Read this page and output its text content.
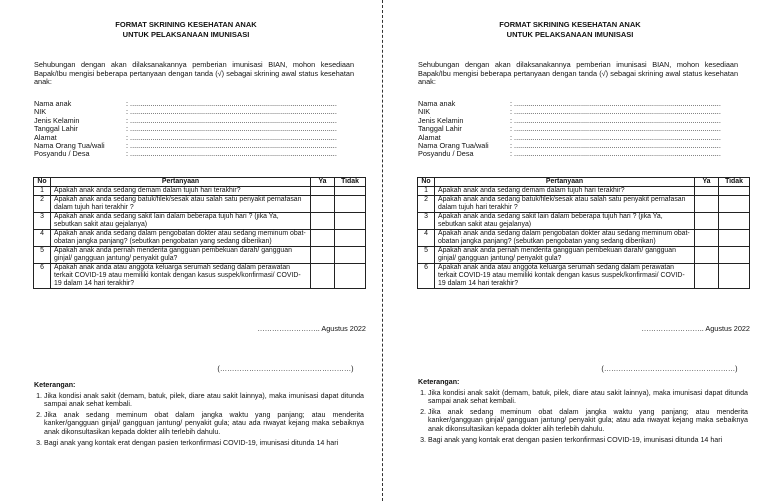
FORMAT SKRINING KESEHATAN ANAK
UNTUK PELAKSANAAN IMUNISASI
Sehubungan dengan akan dilaksanakannya pemberian imunisasi BIAN, mohon kesediaan Bapak/Ibu mengisi beberapa pertanyaan dengan tanda (√) sebagai skrining awal status kesehatan anak:
Nama anak	: ......................................................................................................
NIK	: ......................................................................................................
Jenis Kelamin	: ......................................................................................................
Tanggal Lahir	: ......................................................................................................
Alamat	: ......................................................................................................
Nama Orang Tua/wali	: ......................................................................................................
Posyandu / Desa	: ......................................................................................................
No	Pertanyaan	Ya	Tidak
1	Apakah anak anda sedang demam dalam tujuh hari terakhir?		
2	Apakah anak anda sedang batuk/filek/sesak atau salah satu penyakit pernafasan dalam tujuh hari terakhir ?		
3	Apakah anak anda sedang sakit lain dalam beberapa tujuh hari ? (jika Ya, sebutkan sakit atau gejalanya)		
4	Apakah anak anda sedang dalam pengobatan dokter atau sedang meminum obat-obatan jangka panjang? (sebutkan pengobatan yang sedang diberikan)		
5	Apakah anak anda pernah menderita gangguan pembekuan darah/ gangguan ginjal/ gangguan jantung/ penyakit gula?		
6	Apakah anak anda atau anggota keluarga serumah sedang dalam perawatan terkait COVID-19 atau memiliki kontak dengan kasus suspek/konfirmasi/ COVID-19 dalam 14 hari terakhir?		
…………………….. Agustus 2022
(………………………………………………)
Keterangan:
1. Jika kondisi anak sakit (demam, batuk, pilek, diare atau sakit lainnya), maka imunisasi dapat ditunda sampai anak sehat kembali.
2. Jika anak sedang meminum obat dalam jangka waktu yang panjang; atau menderita kanker/gangguan ginjal/ gangguan jantung/ penyakit gula; atau ada riwayat kejang maka sebaiknya anak dikonsultasikan kepada dokter alih terlebih dahulu.
3. Bagi anak yang kontak erat dengan pasien terkonfirmasi COVID-19, imunisasi ditunda 14 hari
FORMAT SKRINING KESEHATAN ANAK
UNTUK PELAKSANAAN IMUNISASI
Sehubungan dengan akan dilaksanakannya pemberian imunisasi BIAN, mohon kesediaan Bapak/Ibu mengisi beberapa pertanyaan dengan tanda (√) sebagai skrining awal status kesehatan anak:
Nama anak	: ......................................................................................................
NIK	: ......................................................................................................
Jenis Kelamin	: ......................................................................................................
Tanggal Lahir	: ......................................................................................................
Alamat	: ......................................................................................................
Nama Orang Tua/wali	: ......................................................................................................
Posyandu / Desa	: ......................................................................................................
No	Pertanyaan	Ya	Tidak
1	Apakah anak anda sedang demam dalam tujuh hari terakhir?		
2	Apakah anak anda sedang batuk/filek/sesak atau salah satu penyakit pernafasan dalam tujuh hari terakhir ?		
3	Apakah anak anda sedang sakit lain dalam beberapa tujuh hari ? (jika Ya, sebutkan sakit atau gejalanya)		
4	Apakah anak anda sedang dalam pengobatan dokter atau sedang meminum obat-obatan jangka panjang? (sebutkan pengobatan yang sedang diberikan)		
5	Apakah anak anda pernah menderita gangguan pembekuan darah/ gangguan ginjal/ gangguan jantung/ penyakit gula?		
6	Apakah anak anda atau anggota keluarga serumah sedang dalam perawatan terkait COVID-19 atau memiliki kontak dengan kasus suspek/konfirmasi/ COVID-19 dalam 14 hari terakhir?		
…………………….. Agustus 2022
(………………………………………………)
Keterangan:
1. Jika kondisi anak sakit (demam, batuk, pilek, diare atau sakit lainnya), maka imunisasi dapat ditunda sampai anak sehat kembali.
2. Jika anak sedang meminum obat dalam jangka waktu yang panjang; atau menderita kanker/gangguan ginjal/ gangguan jantung/ penyakit gula; atau ada riwayat kejang maka sebaiknya anak dikonsultasikan kepada dokter alih terlebih dahulu.
3. Bagi anak yang kontak erat dengan pasien terkonfirmasi COVID-19, imunisasi ditunda 14 hari
